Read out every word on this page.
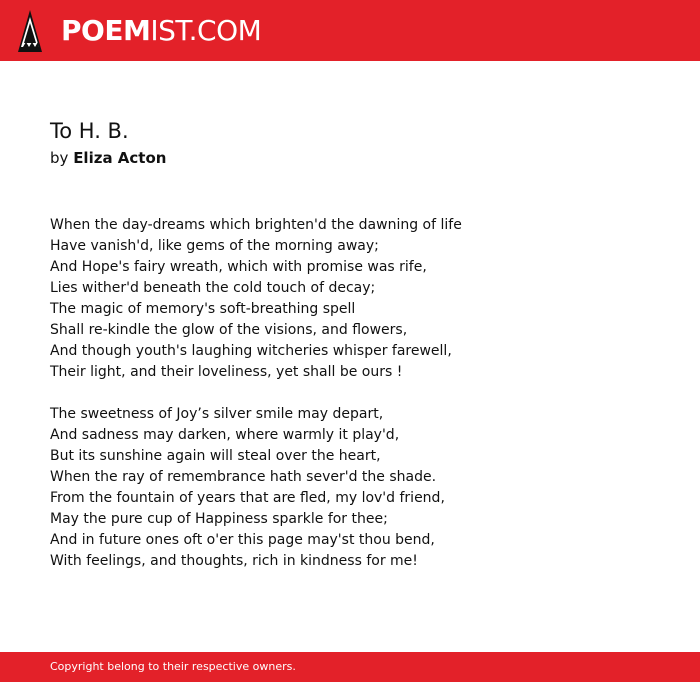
POEMIST.COM
To H. B.

by Eliza Acton

When the day-dreams which brighten'd the dawning of life
Have vanish'd, like gems of the morning away;
And Hope's fairy wreath, which with promise was rife,
Lies wither'd beneath the cold touch of decay;
The magic of memory's soft-breathing spell
Shall re-kindle the glow of the visions, and flowers,
And though youth's laughing witcheries whisper farewell,
Their light, and their loveliness, yet shall be ours !

The sweetness of Joy’s silver smile may depart,
And sadness may darken, where warmly it play'd,
But its sunshine again will steal over the heart,
When the ray of remembrance hath sever'd the shade.
From the fountain of years that are fled, my lov'd friend,
May the pure cup of Happiness sparkle for thee;
And in future ones oft o'er this page may'st thou bend,
With feelings, and thoughts, rich in kindness for me!

Copyright belong to their respective owners.
